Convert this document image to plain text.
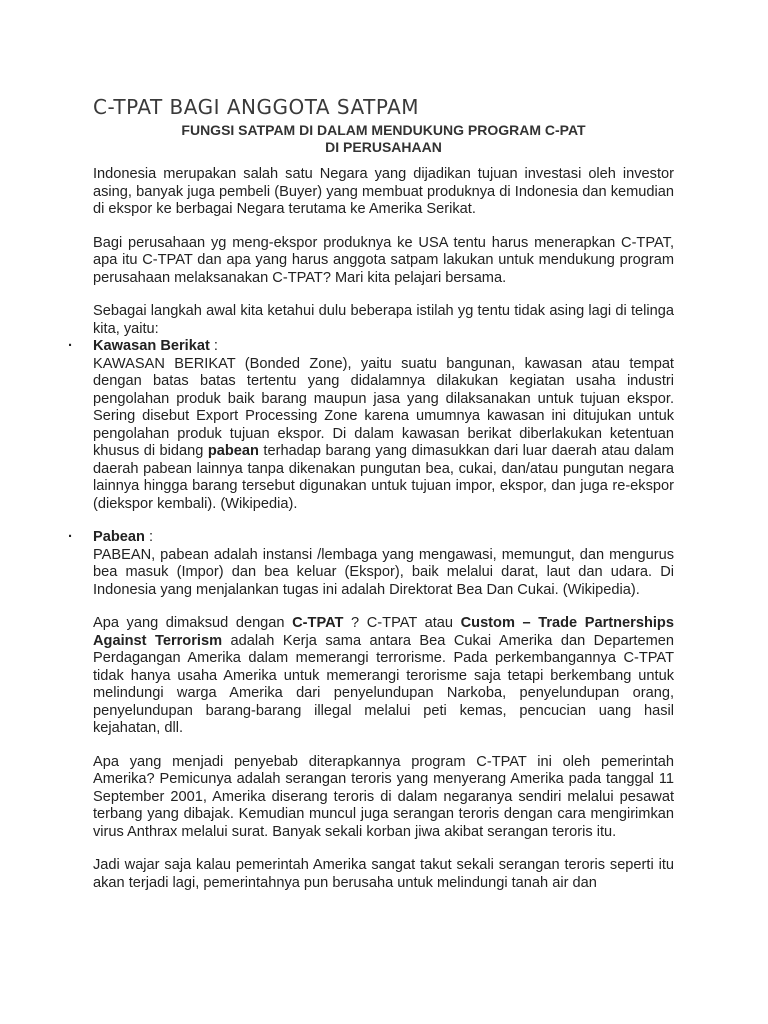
C-TPAT BAGI ANGGOTA SATPAM
FUNGSI SATPAM DI DALAM MENDUKUNG PROGRAM C-PAT
DI PERUSAHAAN

Indonesia merupakan salah satu Negara yang dijadikan tujuan investasi oleh investor asing, banyak juga pembeli (Buyer) yang membuat produknya di Indonesia dan kemudian di ekspor ke berbagai Negara terutama ke Amerika Serikat.

Bagi perusahaan yg meng-ekspor produknya ke USA tentu harus menerapkan C-TPAT, apa itu C-TPAT dan apa yang harus anggota satpam lakukan untuk mendukung program perusahaan melaksanakan C-TPAT? Mari kita pelajari bersama.

Sebagai langkah awal kita ketahui dulu beberapa istilah yg tentu tidak asing lagi di telinga kita, yaitu:

· Kawasan Berikat :
KAWASAN BERIKAT (Bonded Zone), yaitu suatu bangunan, kawasan atau tempat dengan batas batas tertentu yang didalamnya dilakukan kegiatan usaha industri pengolahan produk baik barang maupun jasa yang dilaksanakan untuk tujuan ekspor. Sering disebut Export Processing Zone karena umumnya kawasan ini ditujukan untuk pengolahan produk tujuan ekspor. Di dalam kawasan berikat diberlakukan ketentuan khusus di bidang pabean terhadap barang yang dimasukkan dari luar daerah atau dalam daerah pabean lainnya tanpa dikenakan pungutan bea, cukai, dan/atau pungutan negara lainnya hingga barang tersebut digunakan untuk tujuan impor, ekspor, dan juga re-ekspor (diekspor kembali). (Wikipedia).
· Pabean :
PABEAN, pabean adalah instansi /lembaga yang mengawasi, memungut, dan mengurus bea masuk (Impor) dan bea keluar (Ekspor), baik melalui darat, laut dan udara. Di Indonesia yang menjalankan tugas ini adalah Direktorat Bea Dan Cukai. (Wikipedia).

Apa yang dimaksud dengan C-TPAT ? C-TPAT atau Custom – Trade Partnerships Against Terrorism adalah Kerja sama antara Bea Cukai Amerika dan Departemen Perdagangan Amerika dalam memerangi terrorisme. Pada perkembangannya C-TPAT tidak hanya usaha Amerika untuk memerangi terorisme saja tetapi berkembang untuk melindungi warga Amerika dari penyelundupan Narkoba, penyelundupan orang, penyelundupan barang-barang illegal melalui peti kemas, pencucian uang hasil kejahatan, dll.

Apa yang menjadi penyebab diterapkannya program C-TPAT ini oleh pemerintah Amerika? Pemicunya adalah serangan teroris yang menyerang Amerika pada tanggal 11 September 2001, Amerika diserang teroris di dalam negaranya sendiri melalui pesawat terbang yang dibajak. Kemudian muncul juga serangan teroris dengan cara mengirimkan virus Anthrax melalui surat. Banyak sekali korban jiwa akibat serangan teroris itu.

Jadi wajar saja kalau pemerintah Amerika sangat takut sekali serangan teroris seperti itu akan terjadi lagi, pemerintahnya pun berusaha untuk melindungi tanah air dan
